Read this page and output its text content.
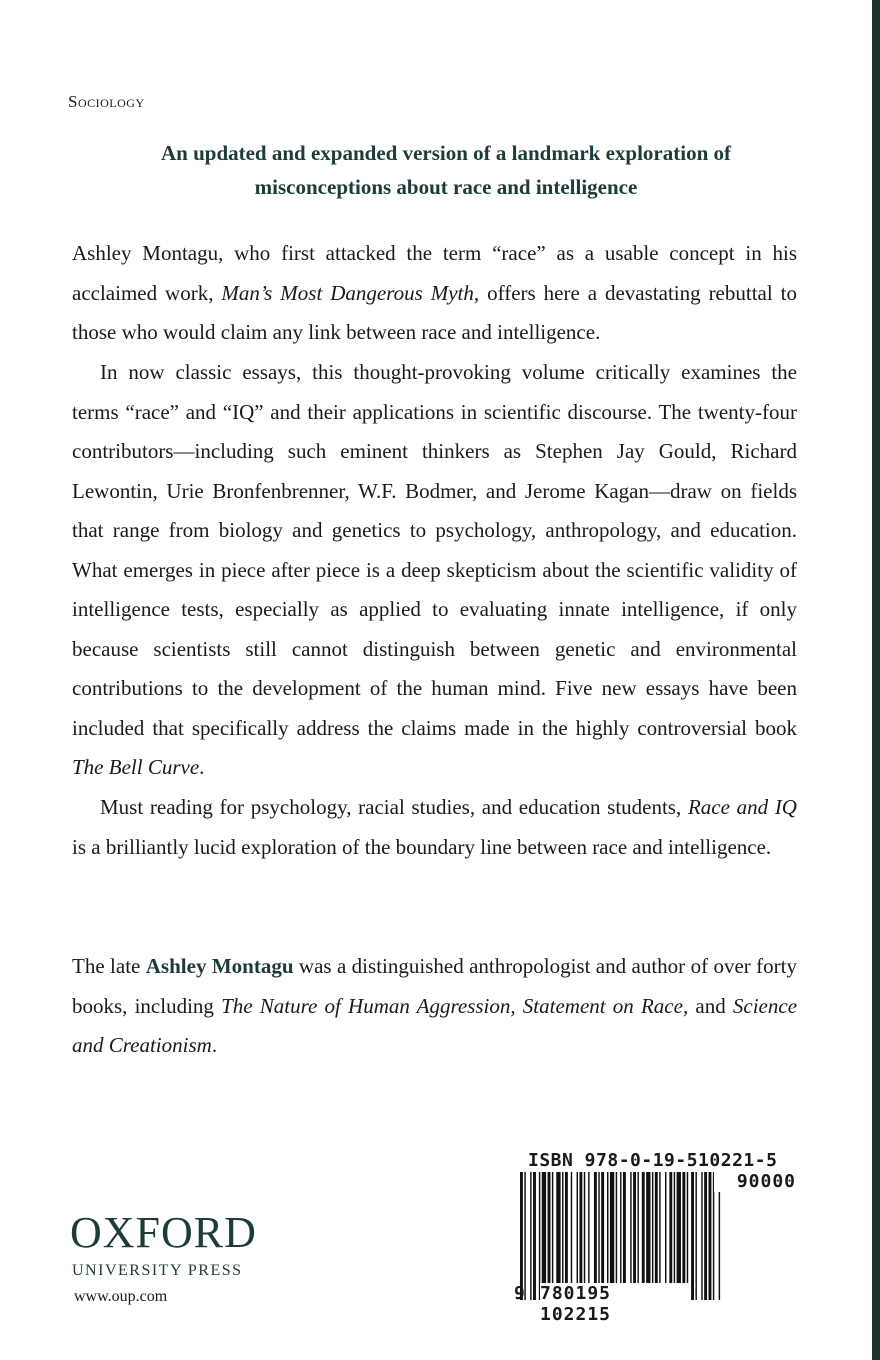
Sociology
An updated and expanded version of a landmark exploration of
misconceptions about race and intelligence

Ashley Montagu, who first attacked the term “race” as a usable concept in his acclaimed work, Man’s Most Dangerous Myth, offers here a devastating rebuttal to those who would claim any link between race and intelligence.

In now classic essays, this thought-provoking volume critically examines the terms “race” and “IQ” and their applications in scientific discourse. The twenty-four contributors—including such eminent thinkers as Stephen Jay Gould, Richard Lewontin, Urie Bronfenbrenner, W.F. Bodmer, and Jerome Kagan—draw on fields that range from biology and genetics to psychology, anthropology, and education. What emerges in piece after piece is a deep skepticism about the scientific validity of intelligence tests, especially as applied to evaluating innate intelligence, if only because scientists still cannot distinguish between genetic and environmental contributions to the development of the human mind. Five new essays have been included that specifically address the claims made in the highly controversial book The Bell Curve.

Must reading for psychology, racial studies, and education students, Race and IQ is a brilliantly lucid exploration of the boundary line between race and intelligence.

The late Ashley Montagu was a distinguished anthropologist and author of over forty books, including The Nature of Human Aggression, Statement on Race, and Science and Creationism.

OXFORD
UNIVERSITY PRESS
www.oup.com
ISBN 978-0-19-510221-5
90000
9 780195 102215
